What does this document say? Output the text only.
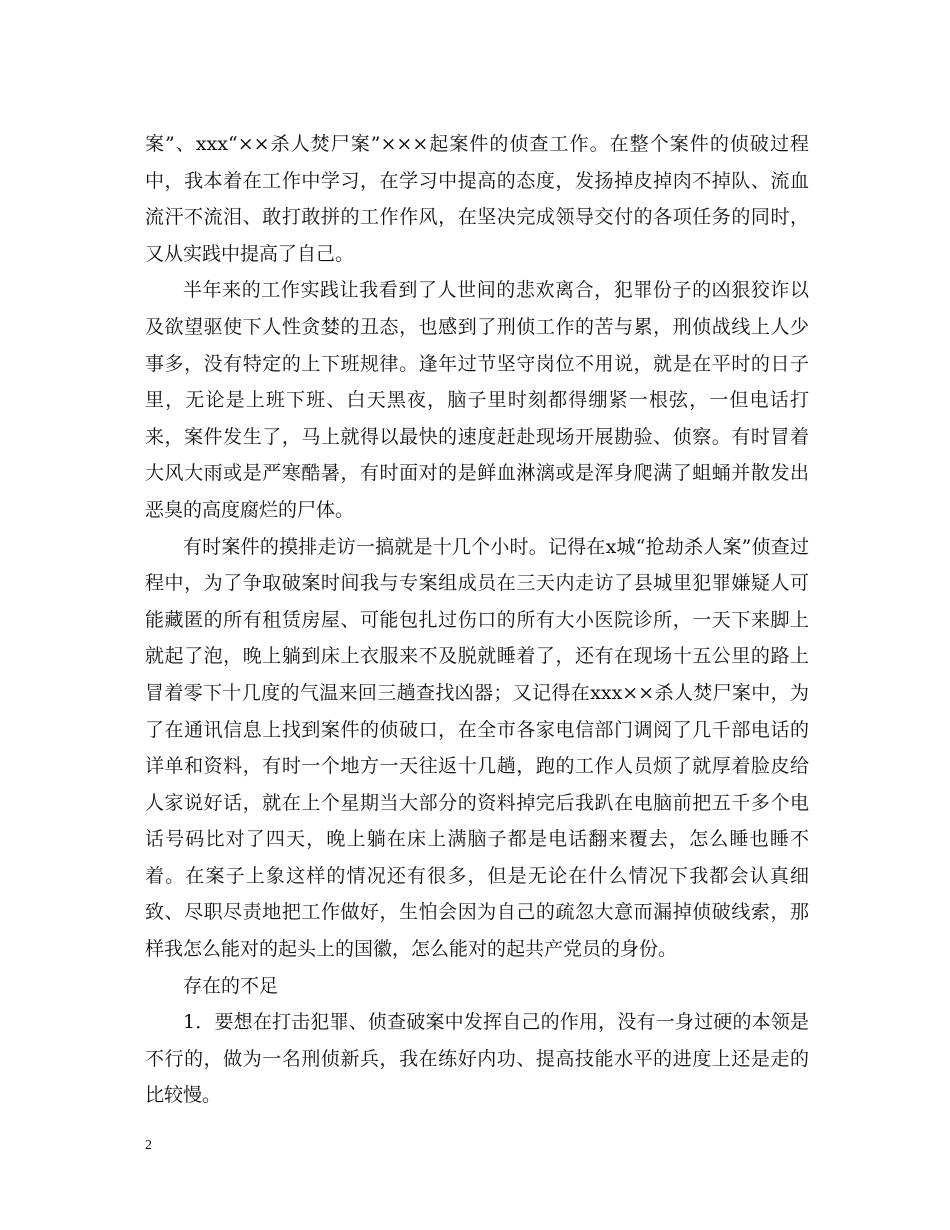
案”、xxx“××杀人焚尸案”×××起案件的侦查工作。在整个案件的侦破过程中，我本着在工作中学习，在学习中提高的态度，发扬掉皮掉肉不掉队、流血流汗不流泪、敢打敢拼的工作作风，在坚决完成领导交付的各项任务的同时，又从实践中提高了自己。

半年来的工作实践让我看到了人世间的悲欢离合，犯罪份子的凶狠狡诈以及欲望驱使下人性贪婪的丑态，也感到了刑侦工作的苦与累，刑侦战线上人少事多，没有特定的上下班规律。逢年过节坚守岗位不用说，就是在平时的日子里，无论是上班下班、白天黑夜，脑子里时刻都得绷紧一根弦，一但电话打来，案件发生了，马上就得以最快的速度赶赴现场开展勘验、侦察。有时冒着大风大雨或是严寒酷暑，有时面对的是鲜血淋漓或是浑身爬满了蛆蛹并散发出恶臭的高度腐烂的尸体。

有时案件的摸排走访一搞就是十几个小时。记得在x城“抢劫杀人案”侦查过程中，为了争取破案时间我与专案组成员在三天内走访了县城里犯罪嫌疑人可能藏匿的所有租赁房屋、可能包扎过伤口的所有大小医院诊所，一天下来脚上就起了泡，晚上躺到床上衣服来不及脱就睡着了，还有在现场十五公里的路上冒着零下十几度的气温来回三趟查找凶器；又记得在xxx××杀人焚尸案中，为了在通讯信息上找到案件的侦破口，在全市各家电信部门调阅了几千部电话的详单和资料，有时一个地方一天往返十几趟，跑的工作人员烦了就厚着脸皮给人家说好话，就在上个星期当大部分的资料掉完后我趴在电脑前把五千多个电话号码比对了四天，晚上躺在床上满脑子都是电话翻来覆去，怎么睡也睡不着。在案子上象这样的情况还有很多，但是无论在什么情况下我都会认真细致、尽职尽责地把工作做好，生怕会因为自己的疏忽大意而漏掉侦破线索，那样我怎么能对的起头上的国徽，怎么能对的起共产党员的身份。

存在的不足

1．要想在打击犯罪、侦查破案中发挥自己的作用，没有一身过硬的本领是不行的，做为一名刑侦新兵，我在练好内功、提高技能水平的进度上还是走的比较慢。

2
